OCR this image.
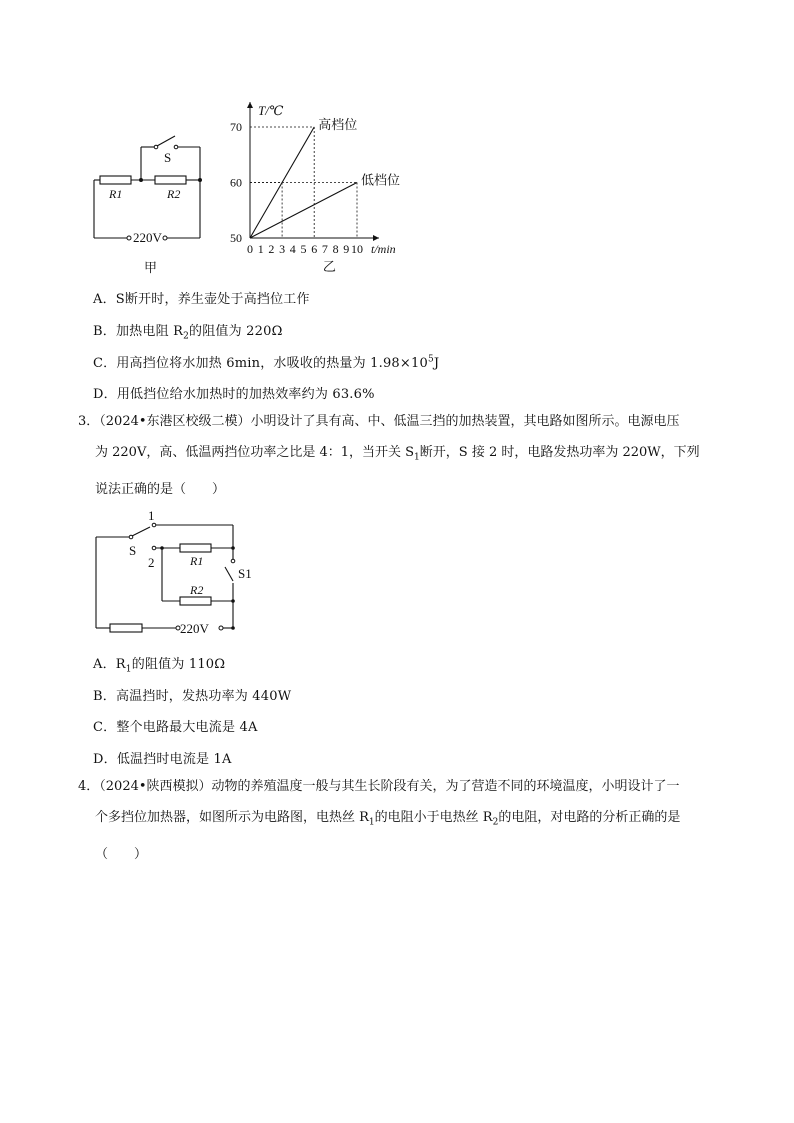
S
R1	R2
220V
甲
T/℃
t/min
0 1 2 3 4 5 6 7 8 9 10
50
60
70	高档位
低档位
乙
A．S断开时，养生壶处于高挡位工作
B．加热电阻 $R_2$的阻值为 220Ω
C．用高挡位将水加热 6min，水吸收的热量为 $1.98\times 10^5J$
D．用低挡位给水加热时的加热效率约为 63.6%
3．（2024•东港区校级二模）小明设计了具有高、中、低温三挡的加热装置，其电路如图所示。电源电压
为 220V，高、低温两挡位功率之比是 4：1，当开关 $S_1$断开，S 接 2 时，电路发热功率为 220W，下列
说法正确的是（　　）
1
2
S
S1
R1
R2
220V
A．$R_1$的阻值为 110Ω
B．高温挡时，发热功率为 440W
C．整个电路最大电流是 4A
D．低温挡时电流是 1A
4．（2024•陕西模拟）动物的养殖温度一般与其生长阶段有关，为了营造不同的环境温度，小明设计了一
个多挡位加热器，如图所示为电路图，电热丝 $R_1$的电阻小于电热丝 $R_2$的电阻，对电路的分析正确的是
（　　）
